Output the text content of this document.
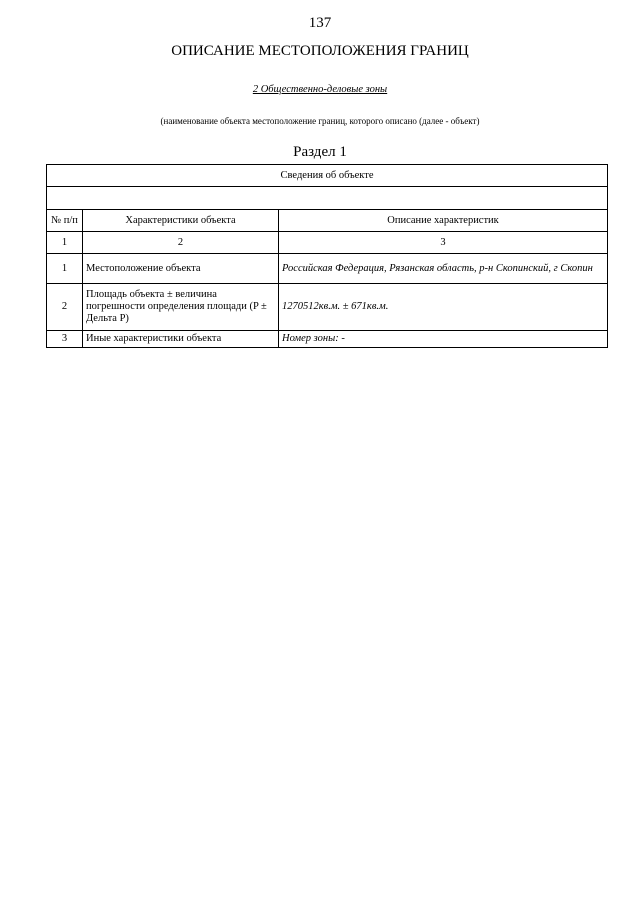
137
ОПИСАНИЕ МЕСТОПОЛОЖЕНИЯ ГРАНИЦ
2 Общественно-деловые зоны
(наименование объекта местоположение границ, которого описано (далее - объект)
Раздел 1
Сведения об объекте		

№ п/п	Характеристики объекта	Описание характеристик
1	2	3
1	Местоположение объекта	Российская Федерация, Рязанская область, р-н Скопинский, г Скопин
2	Площадь объекта ± величина погрешности определения площади (P ± Дельта P)	1270512кв.м. ± 671кв.м.
3	Иные характеристики объекта	Номер зоны: -
